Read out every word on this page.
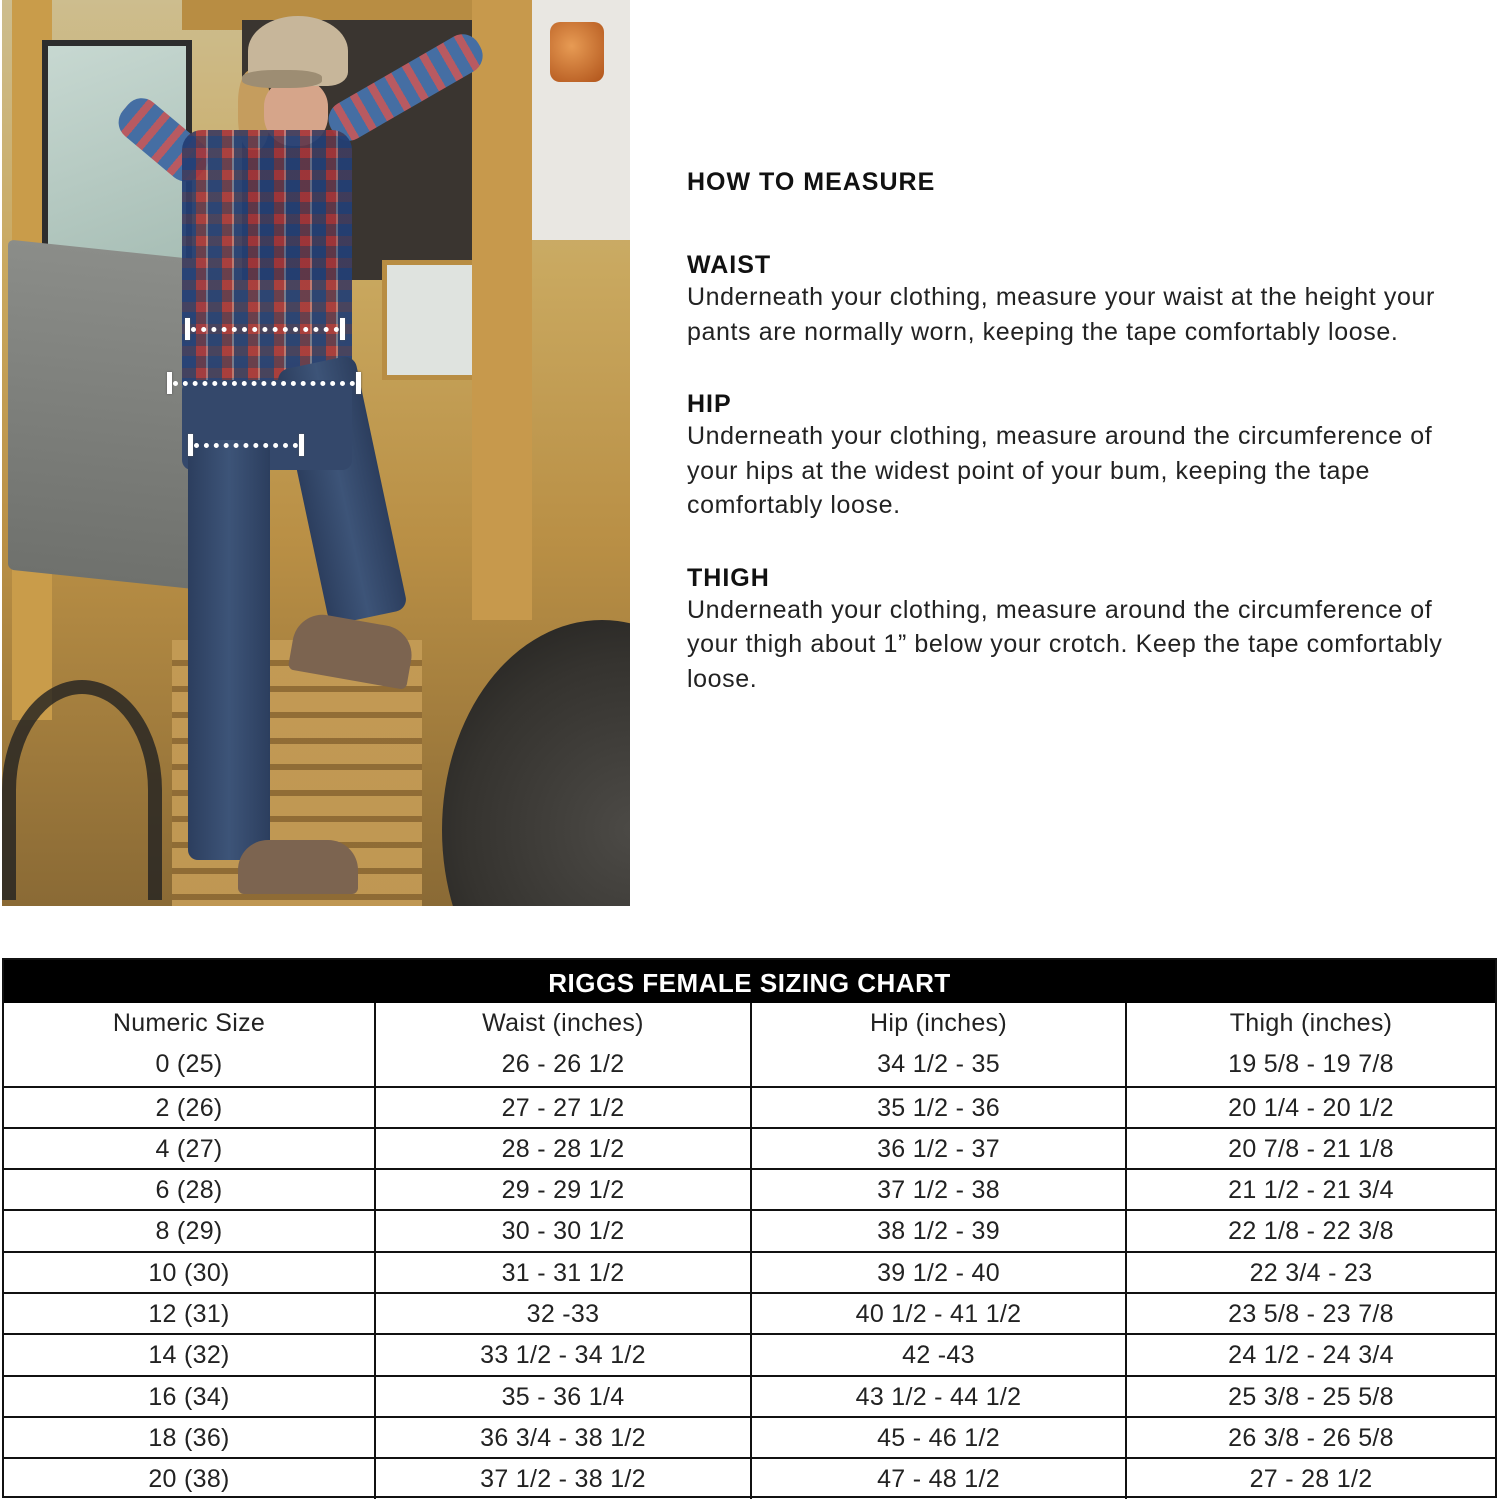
HOW TO MEASURE
WAIST
Underneath your clothing, measure your waist at the height your pants are normally worn, keeping the tape comfortably loose.
HIP
Underneath your clothing, measure around the circumference of your hips at the widest point of your bum, keeping the tape comfortably loose.
THIGH
Underneath your clothing, measure around the circumference of your thigh about 1” below your crotch. Keep the tape comfortably loose.
RIGGS FEMALE SIZING CHART
Numeric Size	Waist (inches)	Hip (inches)	Thigh (inches)
0 (25)	26 - 26 1/2	34 1/2 - 35	19 5/8 - 19 7/8
2 (26)	27 - 27 1/2	35 1/2 - 36	20 1/4 - 20 1/2
4 (27)	28 - 28 1/2	36 1/2 - 37	20 7/8 - 21 1/8
6 (28)	29 - 29 1/2	37 1/2 - 38	21 1/2 - 21 3/4
8 (29)	30 - 30 1/2	38 1/2 - 39	22 1/8 - 22 3/8
10 (30)	31 - 31 1/2	39 1/2 - 40	22 3/4 - 23
12 (31)	32 -33	40 1/2 - 41 1/2	23 5/8 - 23 7/8
14 (32)	33 1/2 - 34 1/2	42 -43	24 1/2 - 24 3/4
16 (34)	35 - 36 1/4	43 1/2 - 44 1/2	25 3/8 - 25 5/8
18 (36)	36 3/4 - 38 1/2	45 - 46 1/2	26 3/8 - 26 5/8
20 (38)	37 1/2 - 38 1/2	47 - 48 1/2	27 - 28 1/2
